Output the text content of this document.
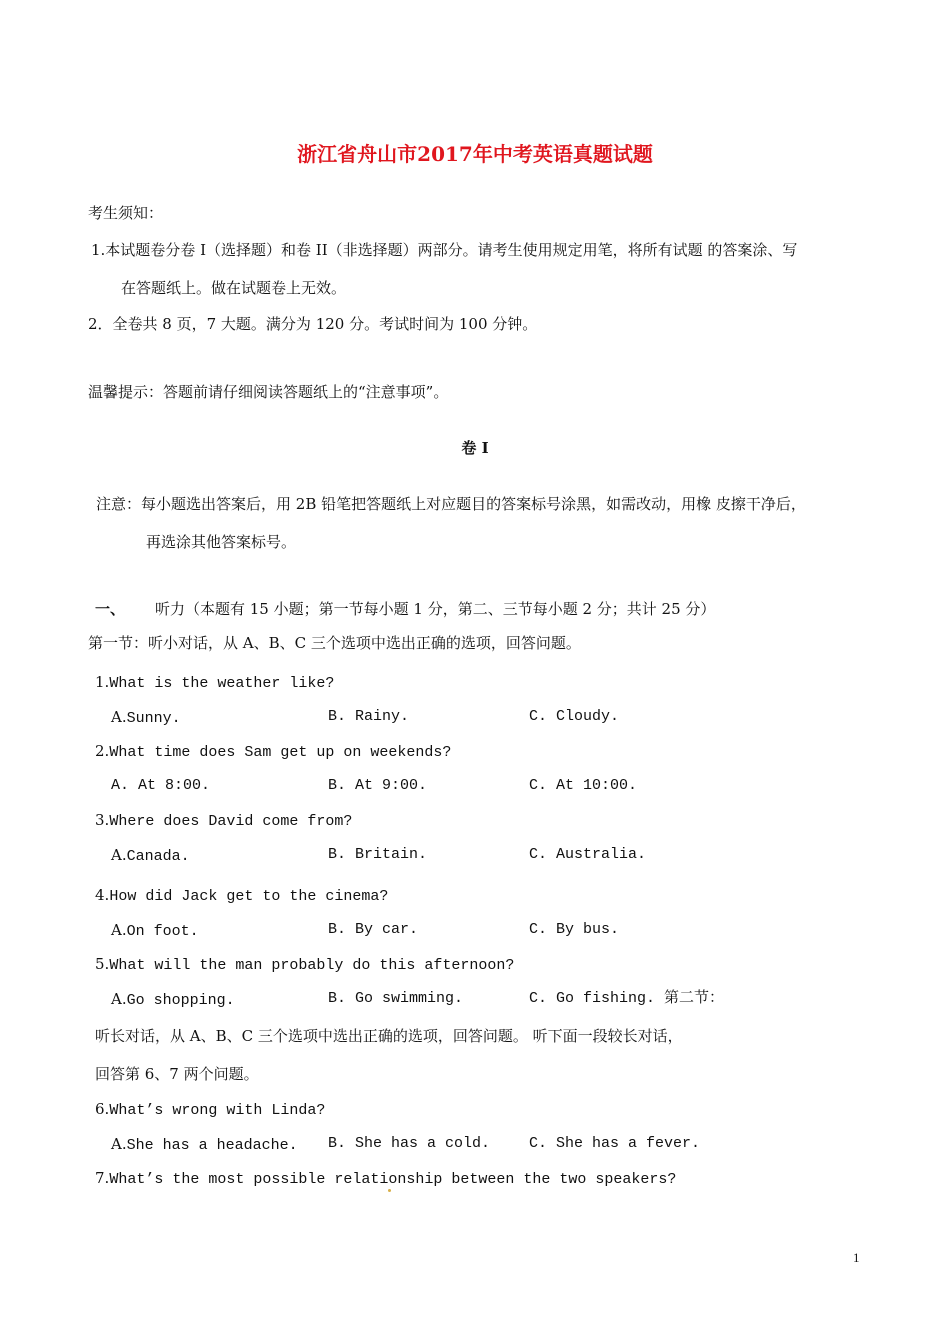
浙江省舟山市2017年中考英语真题试题
考生须知：
1.本试题卷分卷 I（选择题）和卷 II（非选择题）两部分。请考生使用规定用笔，将所有试题 的答案涂、写
在答题纸上。做在试题卷上无效。
2．全卷共 8 页，7 大题。满分为 120 分。考试时间为 100 分钟。
温馨提示：答题前请仔细阅读答题纸上的“注意事项”。
卷 I
注意：每小题选出答案后，用 2B 铅笔把答题纸上对应题目的答案标号涂黑，如需改动，用橡 皮擦干净后，
再选涂其他答案标号。
一、 听力（本题有 15 小题；第一节每小题 1 分，第二、三节每小题 2 分；共计 25 分）
第一节：听小对话，从 A、B、C 三个选项中选出正确的选项，回答问题。
1.What is the weather like?
A.Sunny.	B. Rainy.	C. Cloudy.
2.What time does Sam get up on weekends?
A. At 8:00.	B. At 9:00.	C. At 10:00.
3.Where does David come from?
A.Canada.	B. Britain.	C. Australia.
4.How did Jack get to the cinema?
A.On foot.	B. By car.	C. By bus.
5.What will the man probably do this afternoon?
A.Go shopping.	B. Go swimming.	C. Go fishing. 第二节：
听长对话，从 A、B、C 三个选项中选出正确的选项，回答问题。 听下面一段较长对话，
回答第 6、7 两个问题。
6.What’s wrong with Linda?
A.She has a headache. B. She has a cold.	C. She has a fever.
7.What’s the most possible relationship between the two speakers?
1
